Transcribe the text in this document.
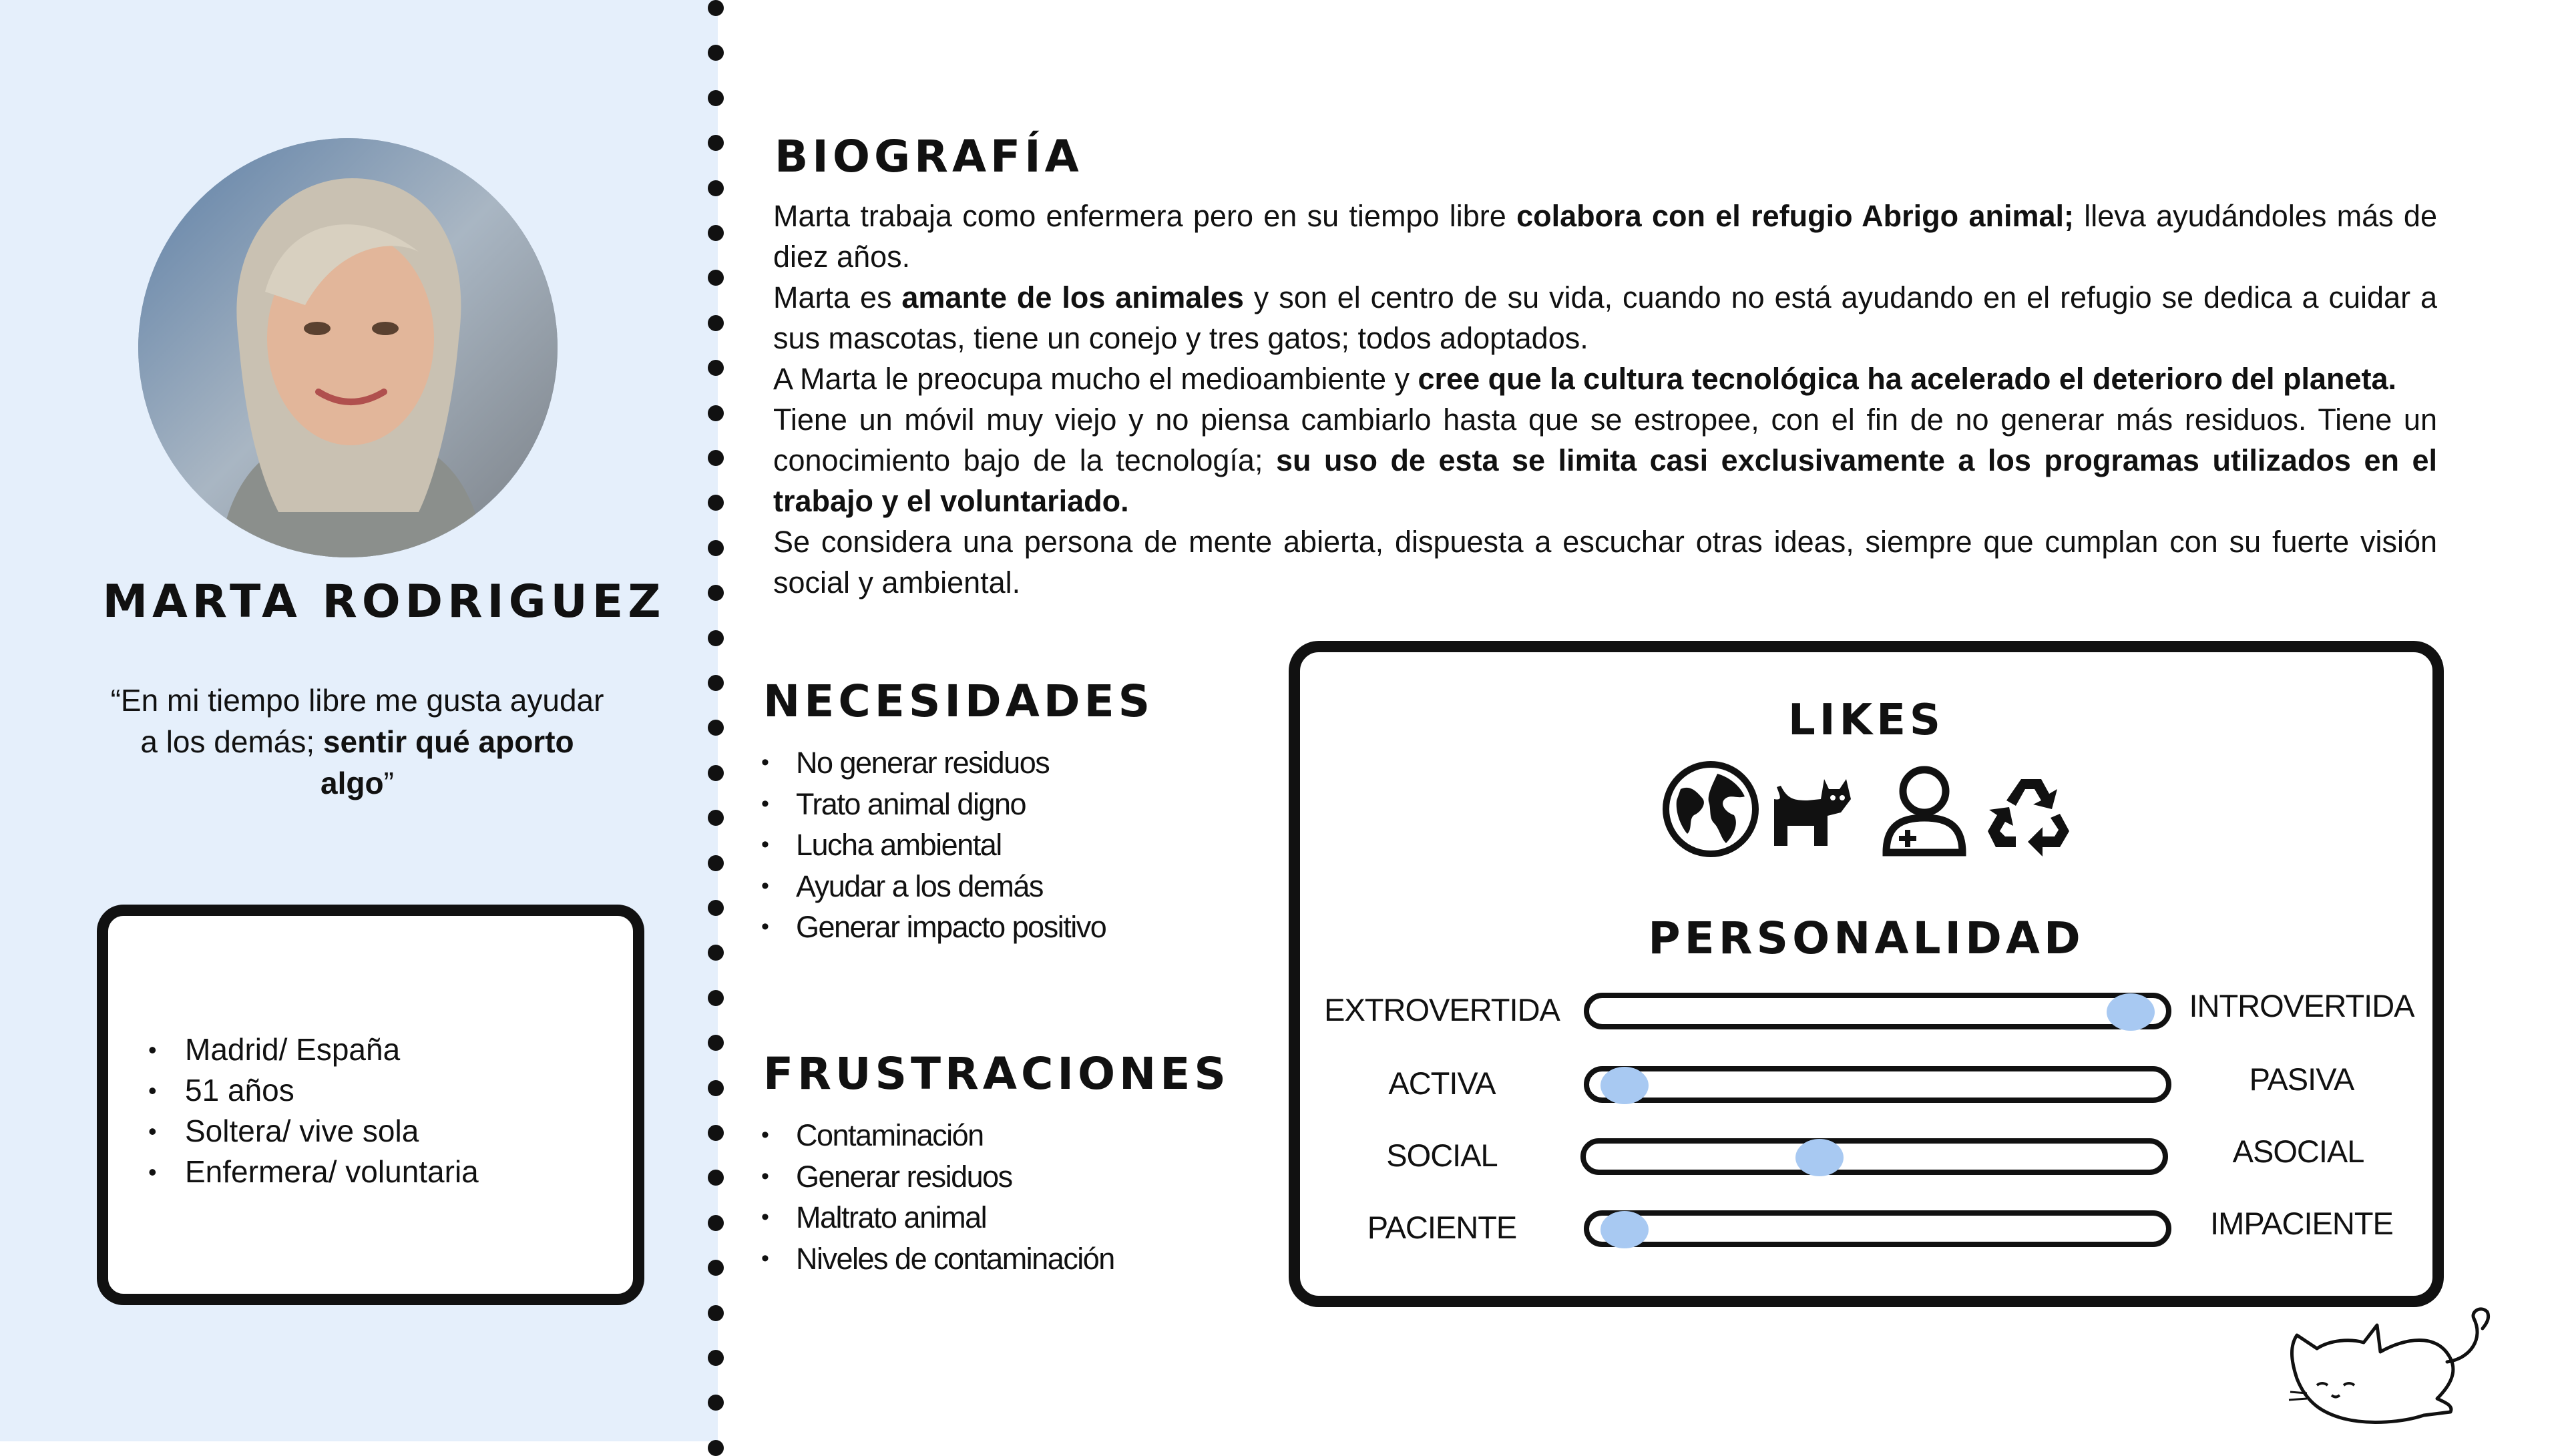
MARTA RODRIGUEZ
“En mi tiempo libre me gusta ayudar a los demás; sentir qué aporto algo”
• Madrid/ España
• 51 años
• Soltera/ vive sola
• Enfermera/ voluntaria
BIOGRAFÍA

Marta trabaja como enfermera pero en su tiempo libre colabora con el refugio Abrigo animal; lleva ayudándoles más de diez años.

Marta es amante de los animales y son el centro de su vida, cuando no está ayudando en el refugio se dedica a cuidar a sus mascotas, tiene un conejo y tres gatos; todos adoptados.

A Marta le preocupa mucho el medioambiente y cree que la cultura tecnológica ha acelerado el deterioro del planeta.

Tiene un móvil muy viejo y no piensa cambiarlo hasta que se estropee, con el fin de no generar más residuos. Tiene un conocimiento bajo de la tecnología; su uso de esta se limita casi exclusivamente a los programas utilizados en el trabajo y el voluntariado.

Se considera una persona de mente abierta, dispuesta a escuchar otras ideas, siempre que cumplan con su fuerte visión social y ambiental.

NECESIDADES
• No generar residuos
• Trato animal digno
• Lucha ambiental
• Ayudar a los demás
• Generar impacto positivo
FRUSTRACIONES
• Contaminación
• Generar residuos
• Maltrato animal
• Niveles de contaminación
LIKES
PERSONALIDAD
EXTROVERTIDA	INTROVERTIDA
ACTIVA	PASIVA
SOCIAL	ASOCIAL
PACIENTE	IMPACIENTE
